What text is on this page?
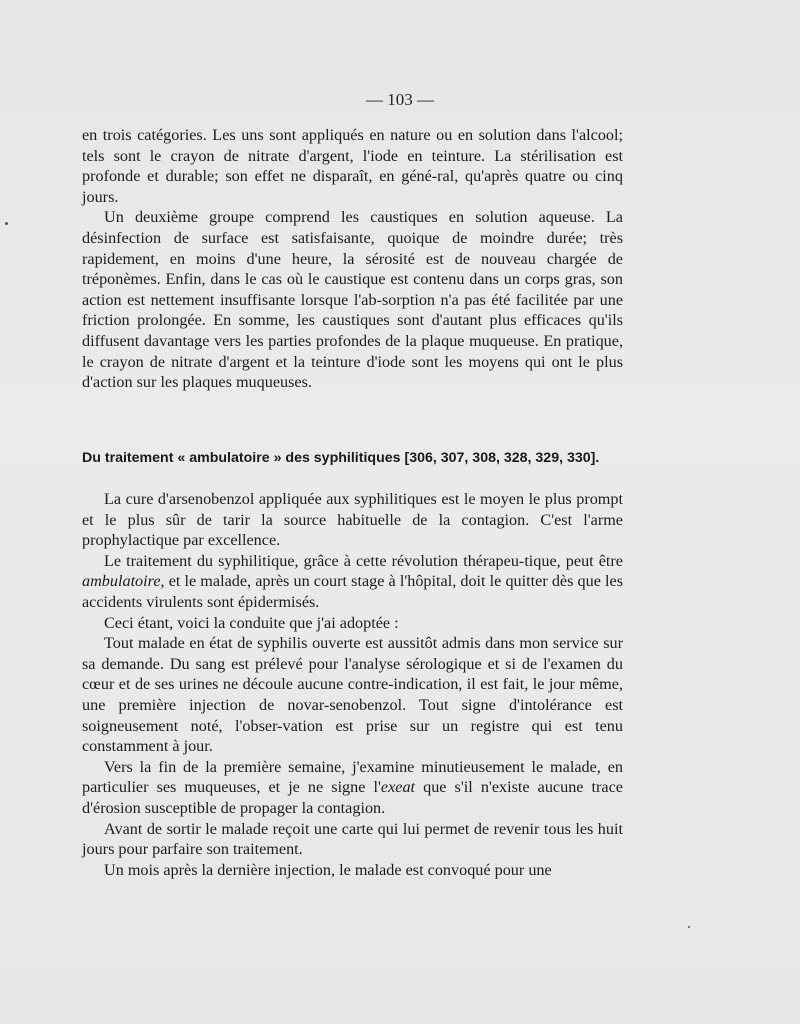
— 103 —

en trois catégories. Les uns sont appliqués en nature ou en solution dans l'alcool; tels sont le crayon de nitrate d'argent, l'iode en teinture. La stérilisation est profonde et durable; son effet ne disparaît, en géné-ral, qu'après quatre ou cinq jours.

Un deuxième groupe comprend les caustiques en solution aqueuse. La désinfection de surface est satisfaisante, quoique de moindre durée; très rapidement, en moins d'une heure, la sérosité est de nouveau chargée de tréponèmes. Enfin, dans le cas où le caustique est contenu dans un corps gras, son action est nettement insuffisante lorsque l'ab-sorption n'a pas été facilitée par une friction prolongée. En somme, les caustiques sont d'autant plus efficaces qu'ils diffusent davantage vers les parties profondes de la plaque muqueuse. En pratique, le crayon de nitrate d'argent et la teinture d'iode sont les moyens qui ont le plus d'action sur les plaques muqueuses.

Du traitement « ambulatoire » des syphilitiques [306, 307, 308, 328, 329, 330].

La cure d'arsenobenzol appliquée aux syphilitiques est le moyen le plus prompt et le plus sûr de tarir la source habituelle de la contagion. C'est l'arme prophylactique par excellence.

Le traitement du syphilitique, grâce à cette révolution thérapeu-tique, peut être ambulatoire, et le malade, après un court stage à l'hôpital, doit le quitter dès que les accidents virulents sont épidermisés.

Ceci étant, voici la conduite que j'ai adoptée :

Tout malade en état de syphilis ouverte est aussitôt admis dans mon service sur sa demande. Du sang est prélevé pour l'analyse sérologique et si de l'examen du cœur et de ses urines ne découle aucune contre-indication, il est fait, le jour même, une première injection de novar-senobenzol. Tout signe d'intolérance est soigneusement noté, l'obser-vation est prise sur un registre qui est tenu constamment à jour.

Vers la fin de la première semaine, j'examine minutieusement le malade, en particulier ses muqueuses, et je ne signe l'exeat que s'il n'existe aucune trace d'érosion susceptible de propager la contagion.

Avant de sortir le malade reçoit une carte qui lui permet de revenir tous les huit jours pour parfaire son traitement.

Un mois après la dernière injection, le malade est convoqué pour une
